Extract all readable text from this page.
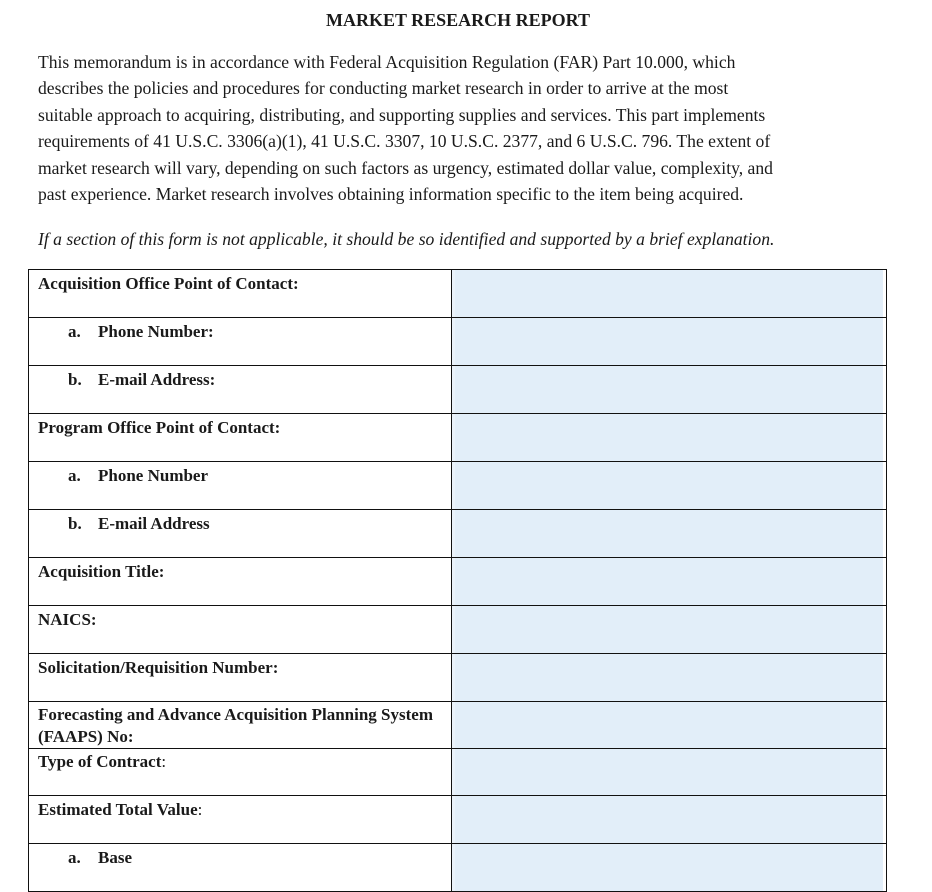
MARKET RESEARCH REPORT

This memorandum is in accordance with Federal Acquisition Regulation (FAR) Part 10.000, which
describes the policies and procedures for conducting market research in order to arrive at the most
suitable approach to acquiring, distributing, and supporting supplies and services. This part implements
requirements of 41 U.S.C. 3306(a)(1), 41 U.S.C. 3307, 10 U.S.C. 2377, and 6 U.S.C. 796. The extent of
market research will vary, depending on such factors as urgency, estimated dollar value, complexity, and
past experience. Market research involves obtaining information specific to the item being acquired.

If a section of this form is not applicable, it should be so identified and supported by a brief explanation.

Acquisition Office Point of Contact:	
a. Phone Number:	
b. E-mail Address:	
Program Office Point of Contact:	
a. Phone Number	
b. E-mail Address	
Acquisition Title:	
NAICS:	
Solicitation/Requisition Number:	
Forecasting and Advance Acquisition Planning System (FAAPS) No:	
Type of Contract:	
Estimated Total Value:	
a. Base	
